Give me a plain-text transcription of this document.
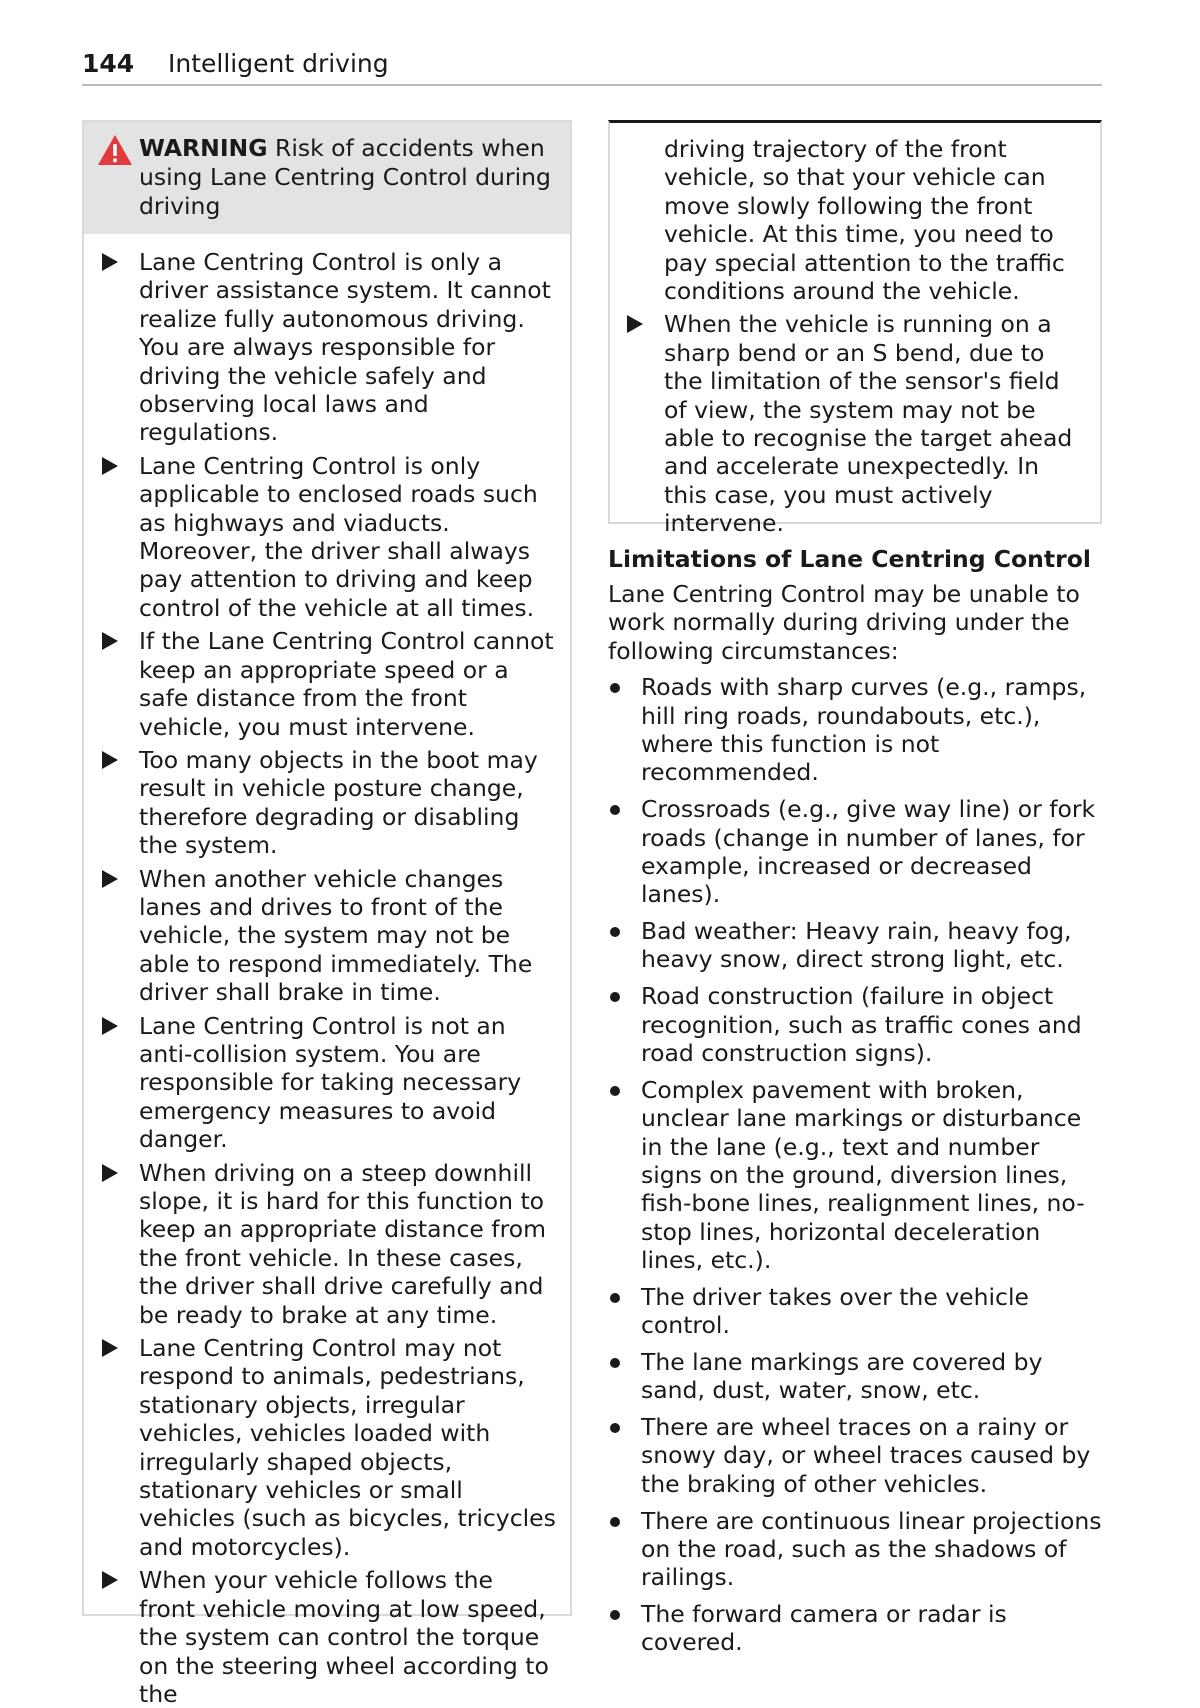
144 Intelligent driving
WARNING Risk of accidents when using Lane Centring Control during driving
Lane Centring Control is only a driver assistance system. It cannot realize fully autonomous driving. You are always responsible for driving the vehicle safely and observing local laws and regulations.
Lane Centring Control is only applicable to enclosed roads such as highways and viaducts. Moreover, the driver shall always pay attention to driving and keep control of the vehicle at all times.
If the Lane Centring Control cannot keep an appropriate speed or a safe distance from the front vehicle, you must intervene.
Too many objects in the boot may result in vehicle posture change, therefore degrading or disabling the system.
When another vehicle changes lanes and drives to front of the vehicle, the system may not be able to respond immediately. The driver shall brake in time.
Lane Centring Control is not an anti-collision system. You are responsible for taking necessary emergency measures to avoid danger.
When driving on a steep downhill slope, it is hard for this function to keep an appropriate distance from the front vehicle. In these cases, the driver shall drive carefully and be ready to brake at any time.
Lane Centring Control may not respond to animals, pedestrians, stationary objects, irregular vehicles, vehicles loaded with irregularly shaped objects, stationary vehicles or small vehicles (such as bicycles, tricycles and motorcycles).
When your vehicle follows the front vehicle moving at low speed, the system can control the torque on the steering wheel according to the
driving trajectory of the front vehicle, so that your vehicle can move slowly following the front vehicle. At this time, you need to pay special attention to the traffic conditions around the vehicle.
When the vehicle is running on a sharp bend or an S bend, due to the limitation of the sensor's field of view, the system may not be able to recognise the target ahead and accelerate unexpectedly. In this case, you must actively intervene.
Limitations of Lane Centring Control
Lane Centring Control may be unable to work normally during driving under the following circumstances:
Roads with sharp curves (e.g., ramps, hill ring roads, roundabouts, etc.), where this function is not recommended.
Crossroads (e.g., give way line) or fork roads (change in number of lanes, for example, increased or decreased lanes).
Bad weather: Heavy rain, heavy fog, heavy snow, direct strong light, etc.
Road construction (failure in object recognition, such as traffic cones and road construction signs).
Complex pavement with broken, unclear lane markings or disturbance in the lane (e.g., text and number signs on the ground, diversion lines, fish-bone lines, realignment lines, no-stop lines, horizontal deceleration lines, etc.).
The driver takes over the vehicle control.
The lane markings are covered by sand, dust, water, snow, etc.
There are wheel traces on a rainy or snowy day, or wheel traces caused by the braking of other vehicles.
There are continuous linear projections on the road, such as the shadows of railings.
The forward camera or radar is covered.
